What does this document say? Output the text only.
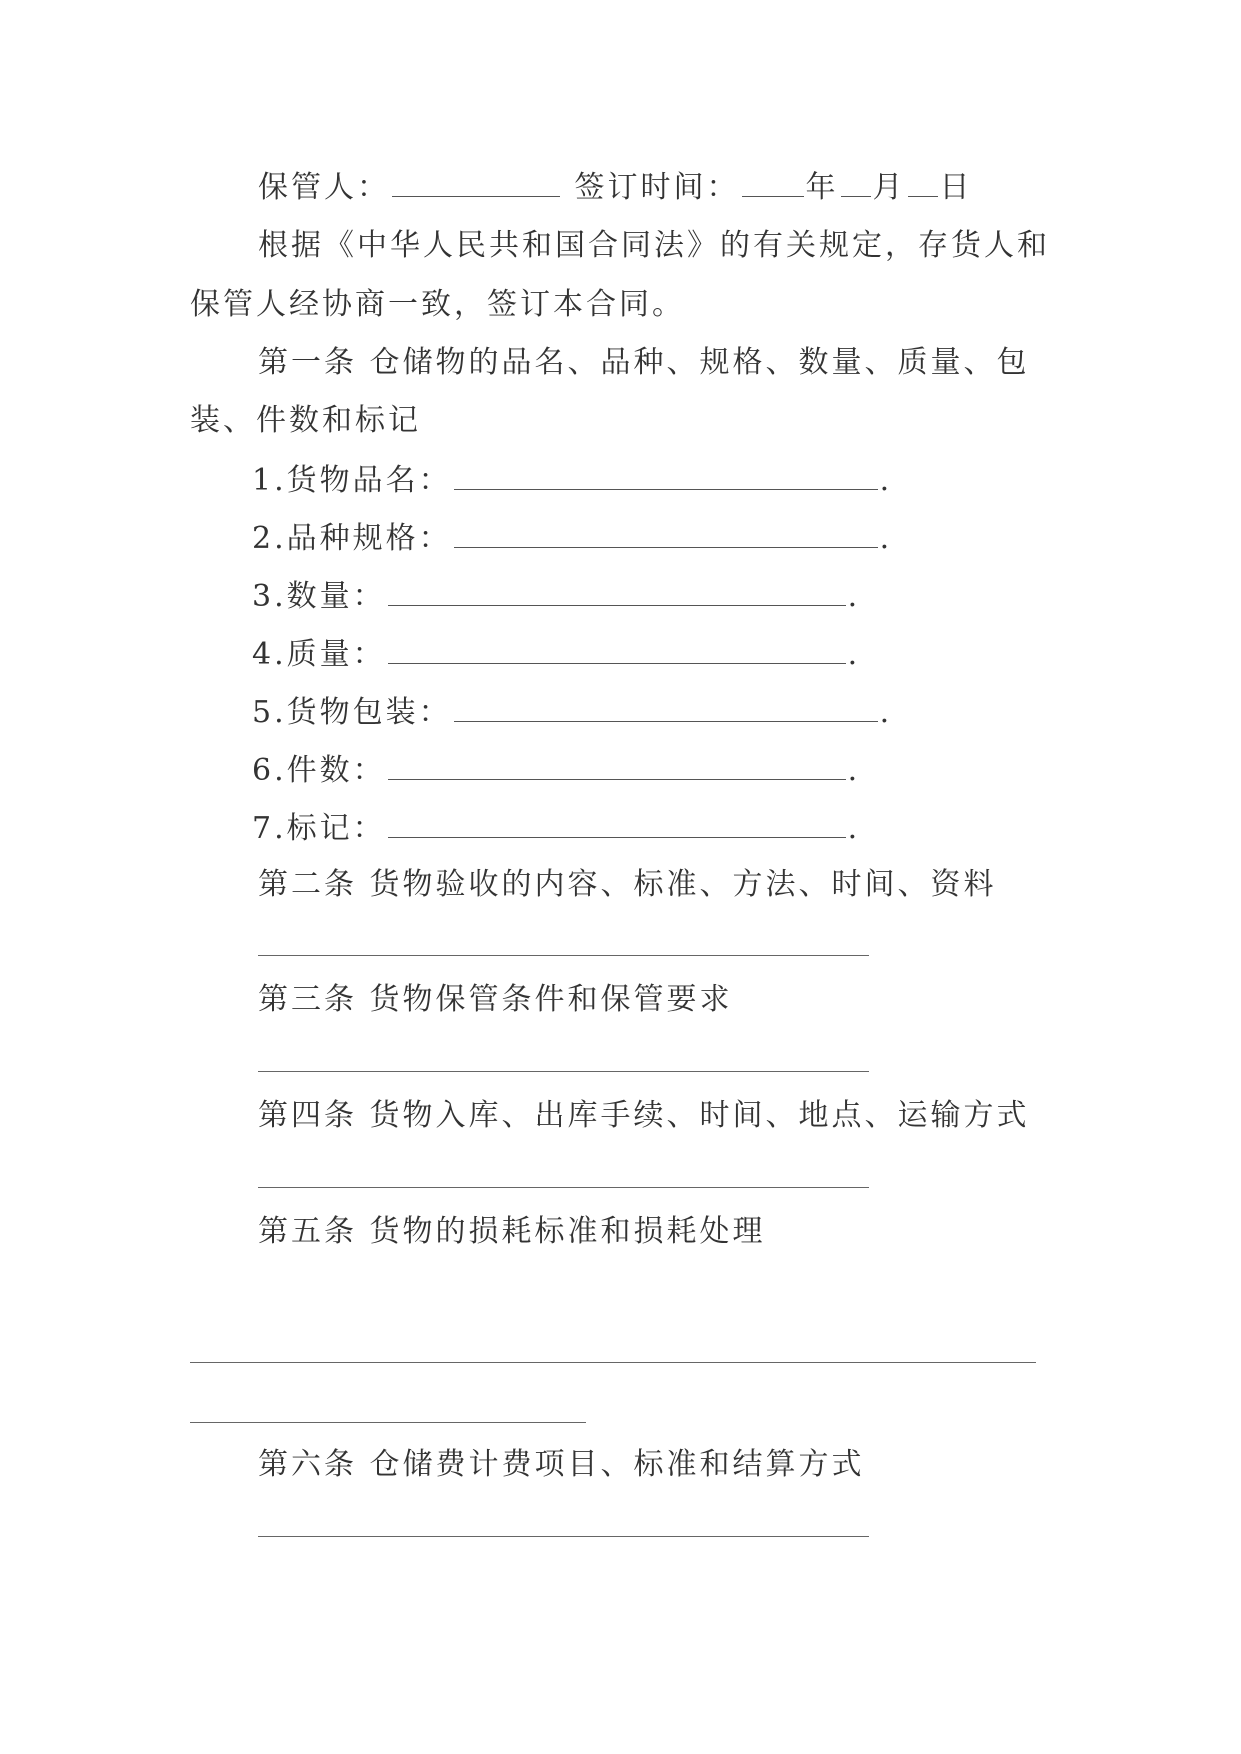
保管人：	签订时间： 年 月 日
根据《中华人民共和国合同法》的有关规定，存货人和
保管人经协商一致，签订本合同。
第一条 仓储物的品名、品种、规格、数量、质量、包
装、件数和标记
1.货物品名：	.
2.品种规格：	.
3.数量：	.
4.质量：	.
5.货物包装：	.
6.件数：	.
7.标记：	.
第二条 货物验收的内容、标准、方法、时间、资料
第三条 货物保管条件和保管要求
第四条 货物入库、出库手续、时间、地点、运输方式
第五条 货物的损耗标准和损耗处理
第六条 仓储费计费项目、标准和结算方式
